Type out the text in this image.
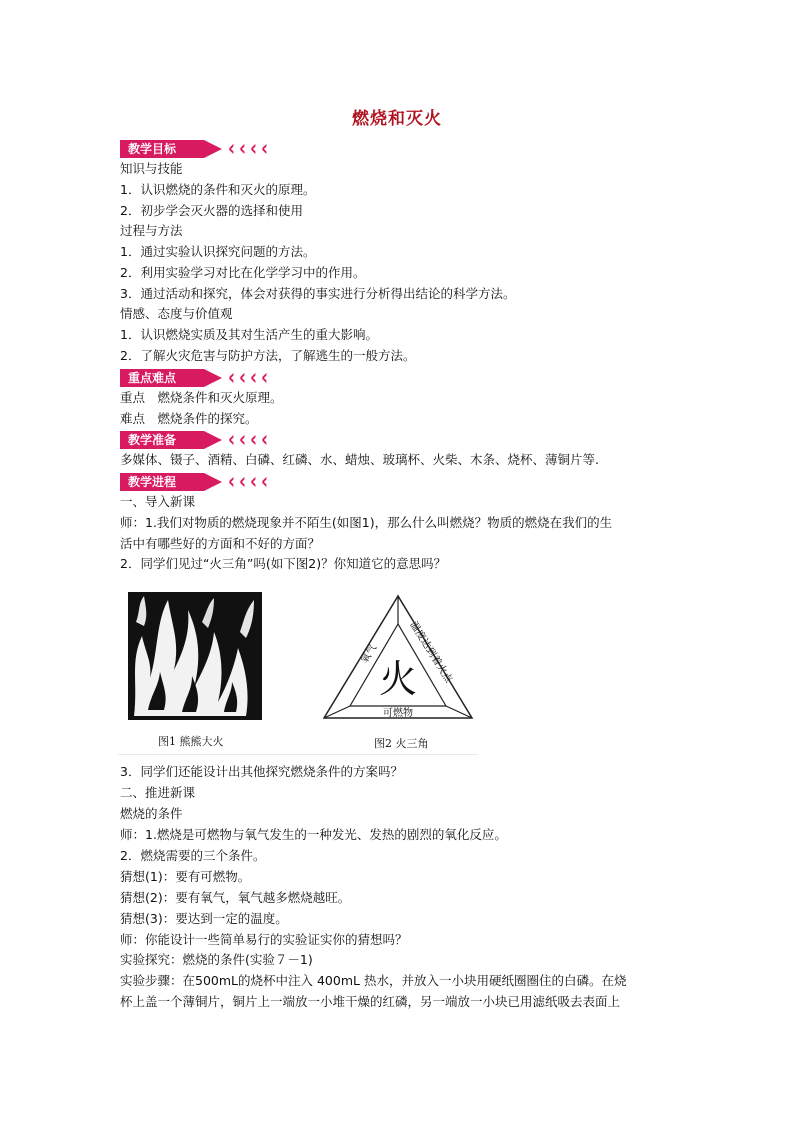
燃烧和灭火
教学目标	‹ ‹ ‹ ‹
知识与技能
1．认识燃烧的条件和灭火的原理。
2．初步学会灭火器的选择和使用
过程与方法
1．通过实验认识探究问题的方法。
2．利用实验学习对比在化学学习中的作用。
3．通过活动和探究，体会对获得的事实进行分析得出结论的科学方法。
情感、态度与价值观
1．认识燃烧实质及其对生活产生的重大影响。
2．了解火灾危害与防护方法，了解逃生的一般方法。
重点难点	‹ ‹ ‹ ‹
重点　燃烧条件和灭火原理。
难点　燃烧条件的探究。
教学准备	‹ ‹ ‹ ‹
多媒体、镊子、酒精、白磷、红磷、水、蜡烛、玻璃杯、火柴、木条、烧杯、薄铜片等.
教学进程	‹ ‹ ‹ ‹
一、导入新课
师：1.我们对物质的燃烧现象并不陌生(如图1)，那么什么叫燃烧？物质的燃烧在我们的生
活中有哪些好的方面和不好的方面？
2．同学们见过“火三角”吗(如下图2)？你知道它的意思吗？
图1 熊熊大火
火
氧气	温度达到着火点
可燃物
图2 火三角
3．同学们还能设计出其他探究燃烧条件的方案吗？
二、推进新课
燃烧的条件
师：1.燃烧是可燃物与氧气发生的一种发光、发热的剧烈的氧化反应。
2．燃烧需要的三个条件。
猜想(1)：要有可燃物。
猜想(2)：要有氧气，氧气越多燃烧越旺。
猜想(3)：要达到一定的温度。
师：你能设计一些简单易行的实验证实你的猜想吗？
实验探究：燃烧的条件(实验７－1)
实验步骤：在500mL的烧杯中注入 400mL 热水，并放入一小块用硬纸圈圈住的白磷。在烧
杯上盖一个薄铜片，铜片上一端放一小堆干燥的红磷，另一端放一小块已用滤纸吸去表面上
